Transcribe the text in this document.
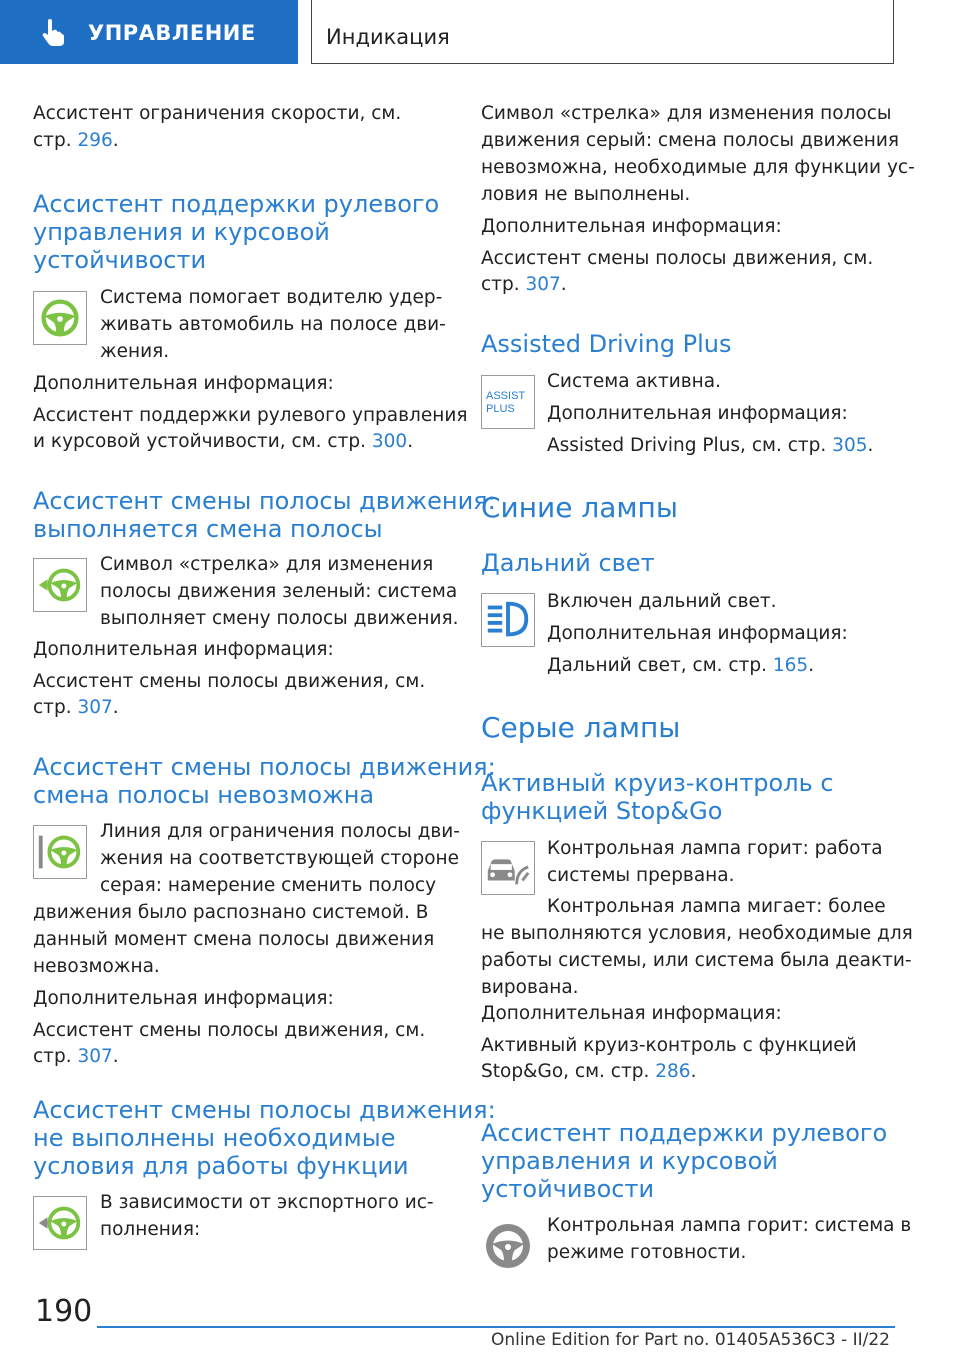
УПРАВЛЕНИЕ	Индикация

Ассистент ограничения скорости, см.

стр. 296.

Ассистент поддержки рулевого
управления и курсовой
устойчивости

Система помогает водителю удер-

живать автомобиль на полосе дви-

жения.

Дополнительная информация:

Ассистент поддержки рулевого управления

и курсовой устойчивости, см. стр. 300.

Ассистент смены полосы движения:
выполняется смена полосы

Символ «стрелка» для изменения

полосы движения зеленый: система

выполняет смену полосы движения.

Дополнительная информация:

Ассистент смены полосы движения, см.

стр. 307.

Ассистент смены полосы движения:
смена полосы невозможна

Линия для ограничения полосы дви-

жения на соответствующей стороне

серая: намерение сменить полосу

движения было распознано системой. В

данный момент смена полосы движения

невозможна.

Дополнительная информация:

Ассистент смены полосы движения, см.

стр. 307.

Ассистент смены полосы движения:
не выполнены необходимые
условия для работы функции

В зависимости от экспортного ис-

полнения:

Символ «стрелка» для изменения полосы

движения серый: смена полосы движения

невозможна, необходимые для функции ус-

ловия не выполнены.

Дополнительная информация:

Ассистент смены полосы движения, см.

стр. 307.

Assisted Driving Plus
ASSIST
PLUS

Система активна.

Дополнительная информация:

Assisted Driving Plus, см. стр. 305.

Синие лампы
Дальний свет

Включен дальний свет.

Дополнительная информация:

Дальний свет, см. стр. 165.

Серые лампы
Активный круиз-контроль с
функцией Stop&Go

Контрольная лампа горит: работа

системы прервана.

Контрольная лампа мигает: более

не выполняются условия, необходимые для

работы системы, или система была деакти-

вирована.

Дополнительная информация:

Активный круиз-контроль с функцией

Stop&Go, см. стр. 286.

Ассистент поддержки рулевого
управления и курсовой
устойчивости

Контрольная лампа горит: система в

режиме готовности.

190
Online Edition for Part no. 01405A536C3 - II/22
